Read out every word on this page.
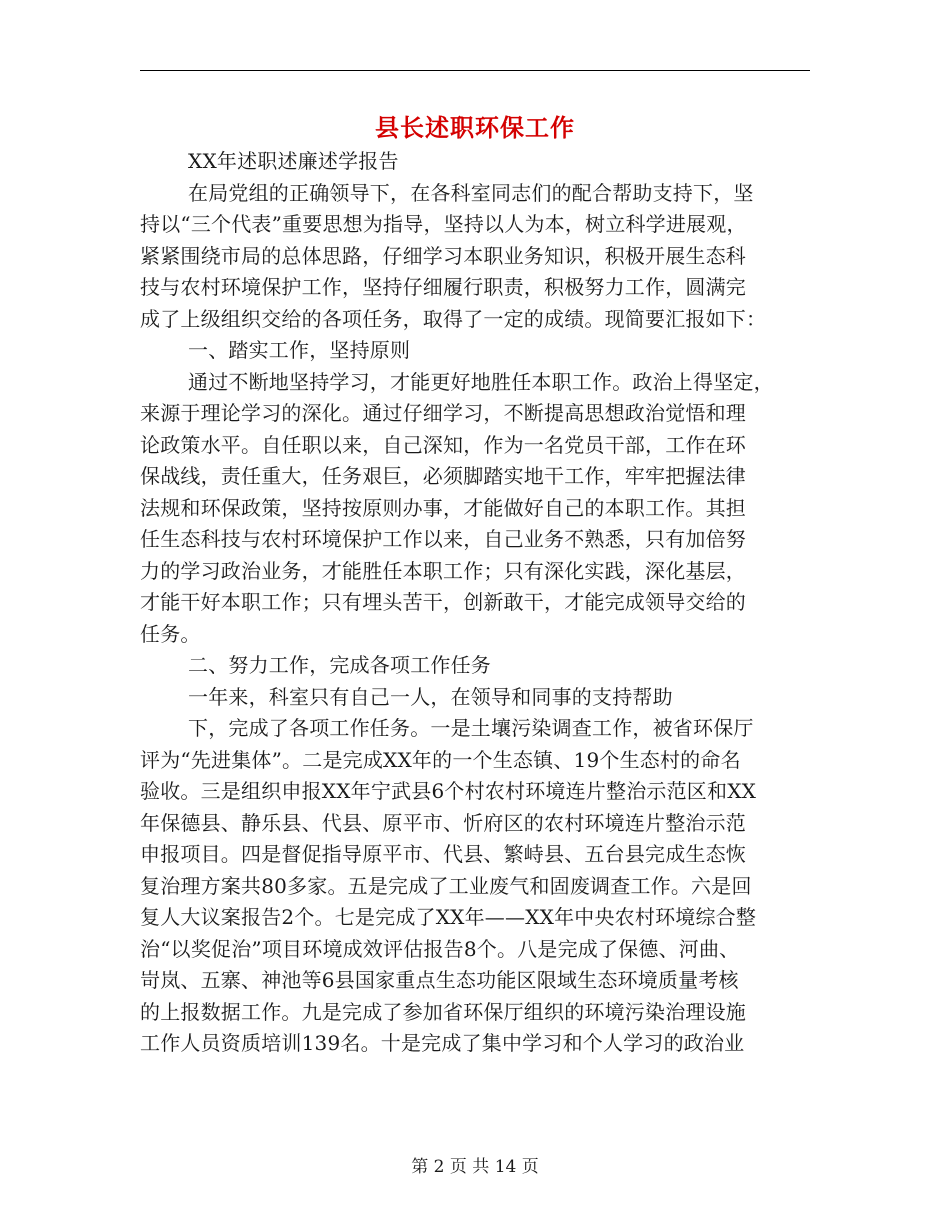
县长述职环保工作
XX年述职述廉述学报告
在局党组的正确领导下，在各科室同志们的配合帮助支持下，坚
持以“三个代表”重要思想为指导，坚持以人为本，树立科学进展观，
紧紧围绕市局的总体思路，仔细学习本职业务知识，积极开展生态科
技与农村环境保护工作，坚持仔细履行职责，积极努力工作，圆满完
成了上级组织交给的各项任务，取得了一定的成绩。现简要汇报如下：
一、踏实工作，坚持原则
通过不断地坚持学习，才能更好地胜任本职工作。政治上得坚定，
来源于理论学习的深化。通过仔细学习，不断提高思想政治觉悟和理
论政策水平。自任职以来，自己深知，作为一名党员干部，工作在环
保战线，责任重大，任务艰巨，必须脚踏实地干工作，牢牢把握法律
法规和环保政策，坚持按原则办事，才能做好自己的本职工作。其担
任生态科技与农村环境保护工作以来，自己业务不熟悉，只有加倍努
力的学习政治业务，才能胜任本职工作；只有深化实践，深化基层，
才能干好本职工作；只有埋头苦干，创新敢干，才能完成领导交给的
任务。
二、努力工作，完成各项工作任务
一年来，科室只有自己一人，在领导和同事的支持帮助
下，完成了各项工作任务。一是土壤污染调查工作，被省环保厅
评为“先进集体”。二是完成XX年的一个生态镇、19个生态村的命名
验收。三是组织申报XX年宁武县6个村农村环境连片整治示范区和XX
年保德县、静乐县、代县、原平市、忻府区的农村环境连片整治示范
申报项目。四是督促指导原平市、代县、繁峙县、五台县完成生态恢
复治理方案共80多家。五是完成了工业废气和固废调查工作。六是回
复人大议案报告2个。七是完成了XX年——XX年中央农村环境综合整
治“以奖促治”项目环境成效评估报告8个。八是完成了保德、河曲、
岢岚、五寨、神池等6县国家重点生态功能区限域生态环境质量考核
的上报数据工作。九是完成了参加省环保厅组织的环境污染治理设施
工作人员资质培训139名。十是完成了集中学习和个人学习的政治业
第 2 页 共 14 页
